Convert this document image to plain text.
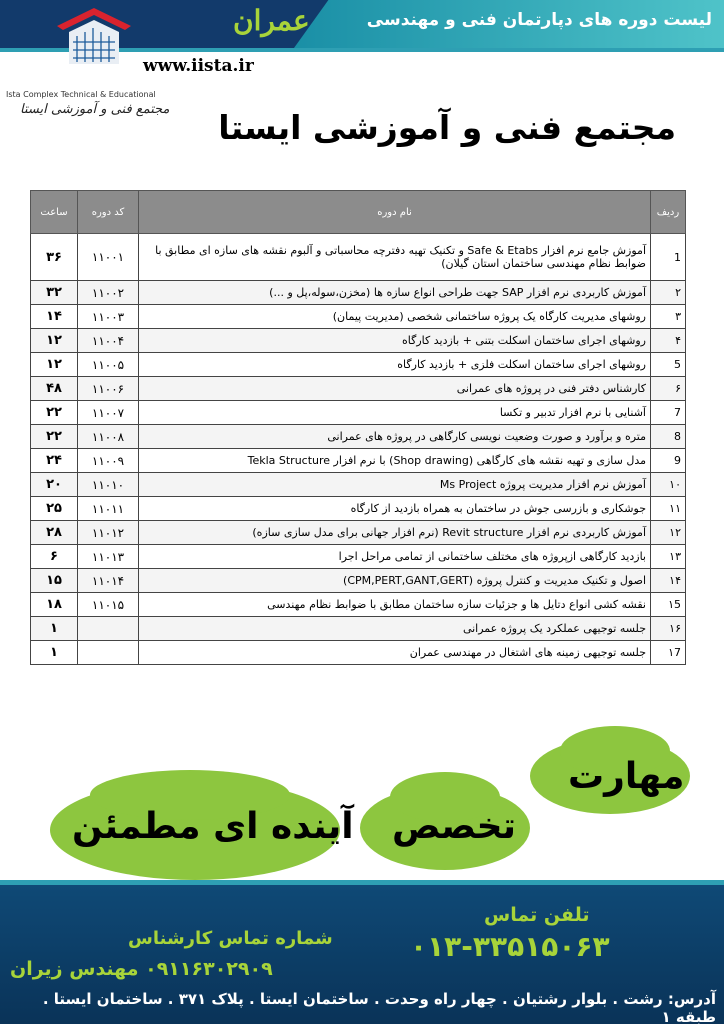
لیست دوره های دپارتمان فنی و مهندسی
عمران
Ista Complex Technical & Educational
مجتمع فنی و آموزشی ایستا
www.iista.ir
مجتمع فنی و آموزشی ایستا
ردیف	نام دوره	کد دوره	ساعت
1	آموزش جامع نرم افزار Safe & Etabs و تکنیک تهیه دفترچه محاسباتی و آلبوم نقشه های سازه ای مطابق با ضوابط نظام مهندسی ساختمان استان گیلان)	۱۱۰۰۱	۳۶
۲	آموزش کاربردی نرم افزار SAP جهت طراحی انواع سازه ها (مخزن،سوله،پل و ...)	۱۱۰۰۲	۳۲
۳	روشهای مدیریت کارگاه یک پروژه ساختمانی شخصی (مدیریت پیمان)	۱۱۰۰۳	۱۴
۴	روشهای اجرای ساختمان اسکلت بتنی + بازدید کارگاه	۱۱۰۰۴	۱۲
5	روشهای اجرای ساختمان اسکلت فلزی + بازدید کارگاه	۱۱۰۰۵	۱۲
۶	کارشناس دفتر فنی در پروژه های عمرانی	۱۱۰۰۶	۴۸
7	آشنایی با نرم افزار تدبیر و تکسا	۱۱۰۰۷	۲۲
8	متره و برآورد و صورت وضعیت نویسی کارگاهی در پروژه های عمرانی	۱۱۰۰۸	۲۲
9	مدل سازی و تهیه نقشه های کارگاهی (Shop drawing) با نرم افزار Tekla Structure	۱۱۰۰۹	۲۴
۱۰	آموزش نرم افزار مدیریت پروژه Ms Project	۱۱۰۱۰	۲۰
۱۱	جوشکاری و بازرسی جوش در ساختمان به همراه بازدید از کارگاه	۱۱۰۱۱	۲۵
۱۲	آموزش کاربردی نرم افزار Revit structure (نرم افزار جهانی برای مدل سازی سازه)	۱۱۰۱۲	۲۸
۱۳	بازدید کارگاهی ازپروژه های مختلف ساختمانی از تمامی مراحل اجرا	۱۱۰۱۳	۶
۱۴	اصول و تکنیک مدیریت و کنترل پروژه (CPM,PERT,GANT,GERT)	۱۱۰۱۴	۱۵
۱5	نقشه کشی انواع دتایل ها و جزئیات سازه ساختمان مطابق با ضوابط نظام مهندسی	۱۱۰۱۵	۱۸
۱۶	جلسه توجیهی عملکرد یک پروژه عمرانی		۱
۱7	جلسه توجیهی زمینه های اشتغال در مهندسی عمران		۱
مهارت
تخصص
آینده ای مطمئن
تلفن تماس
۰۱۳-۳۳۵۱۵۰۶۳
شماره تماس کارشناس
۰۹۱۱۶۳۰۲۹۰۹ مهندس زیران
آدرس: رشت . بلوار رشتیان . چهار راه وحدت . ساختمان ایستا . پلاک ۳۷۱ . ساختمان ایستا . طبقه ۱
